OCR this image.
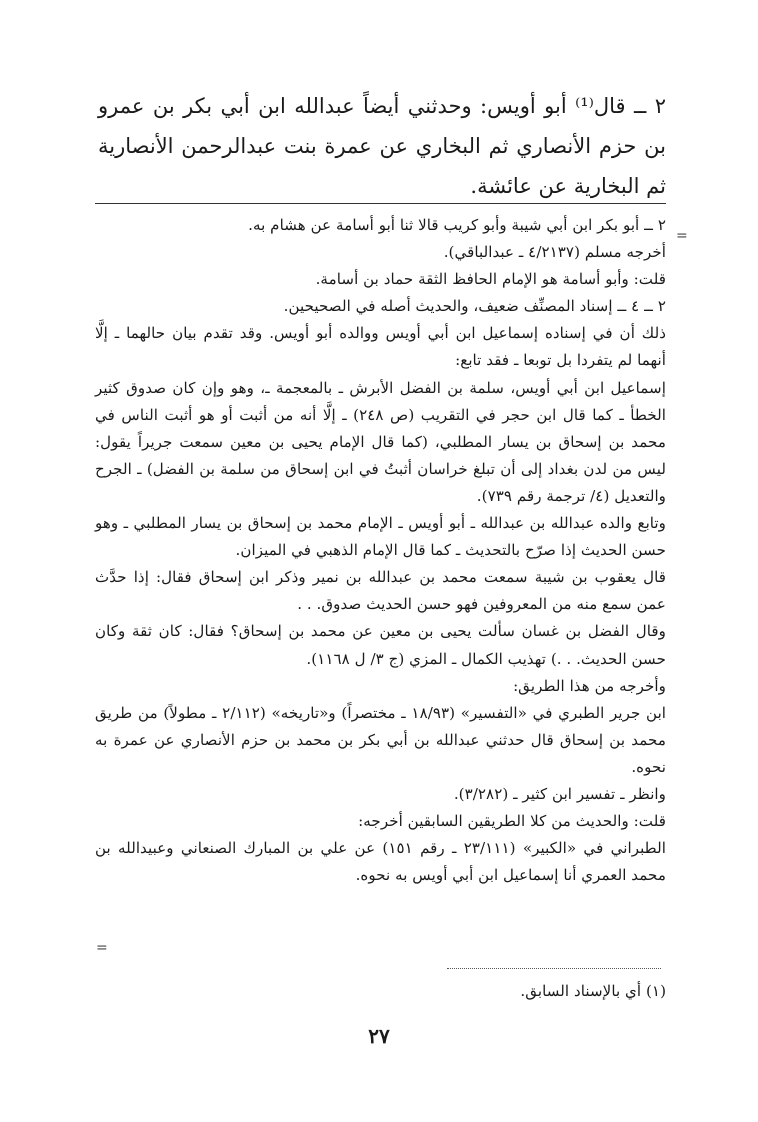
٢ ــ قال⁽¹⁾ أبو أويس: وحدثني أيضاً عبدالله ابن أبي بكر بن عمرو بن حزم الأنصاري ثم البخاري عن عمرة بنت عبدالرحمن الأنصارية ثم البخارية عن عائشة.

=
=

٢ ــ أبو بكر ابن أبي شيبة وأبو كريب قالا ثنا أبو أسامة عن هشام به.

أخرجه مسلم (٤/٢١٣٧ ـ عبدالباقي).

قلت: وأبو أسامة هو الإمام الحافظ الثقة حماد بن أسامة.

٢ ــ ٤ ــ إسناد المصنِّف ضعيف، والحديث أصله في الصحيحين.

ذلك أن في إسناده إسماعيل ابن أبي أويس ووالده أبو أويس. وقد تقدم بيان حالهما ـ إلَّا أنهما لم يتفردا بل توبعا ـ فقد تابع:

إسماعيل ابن أبي أويس، سلمة بن الفضل الأبرش ـ بالمعجمة ـ، وهو وإن كان صدوق كثير الخطأ ـ كما قال ابن حجر في التقريب (ص ٢٤٨) ـ إلَّا أنه من أثبت أو هو أثبت الناس في محمد بن إسحاق بن يسار المطلبي، (كما قال الإمام يحيى بن معين سمعت جريراً يقول: ليس من لدن بغداد إلى أن تبلغ خراسان أثبتُ في ابن إسحاق من سلمة بن الفضل) ـ الجرح والتعديل (٤/ ترجمة رقم ٧٣٩).

وتابع والده عبدالله بن عبدالله ـ أبو أويس ـ الإمام محمد بن إسحاق بن يسار المطلبي ـ وهو حسن الحديث إذا صرّح بالتحديث ـ كما قال الإمام الذهبي في الميزان.

قال يعقوب بن شيبة سمعت محمد بن عبدالله بن نمير وذكر ابن إسحاق فقال: إذا حدَّث عمن سمع منه من المعروفين فهو حسن الحديث صدوق. . .

وقال الفضل بن غسان سألت يحيى بن معين عن محمد بن إسحاق؟ فقال: كان ثقة وكان حسن الحديث. . .) تهذيب الكمال ـ المزي (ج ٣/ ل ١١٦٨).

وأخرجه من هذا الطريق:

ابن جرير الطبري في «التفسير» (١٨/٩٣ ـ مختصراً) و«تاريخه» (٢/١١٢ ـ مطولاً) من طريق محمد بن إسحاق قال حدثني عبدالله بن أبي بكر بن محمد بن حزم الأنصاري عن عمرة به نحوه.

وانظر ـ تفسير ابن كثير ـ (٣/٢٨٢).

قلت: والحديث من كلا الطريقين السابقين أخرجه:

الطبراني في «الكبير» (٢٣/١١١ ـ رقم ١٥١) عن علي بن المبارك الصنعاني وعبيدالله بن محمد العمري أنا إسماعيل ابن أبي أويس به نحوه.

(١) أي بالإسناد السابق.
٢٧
